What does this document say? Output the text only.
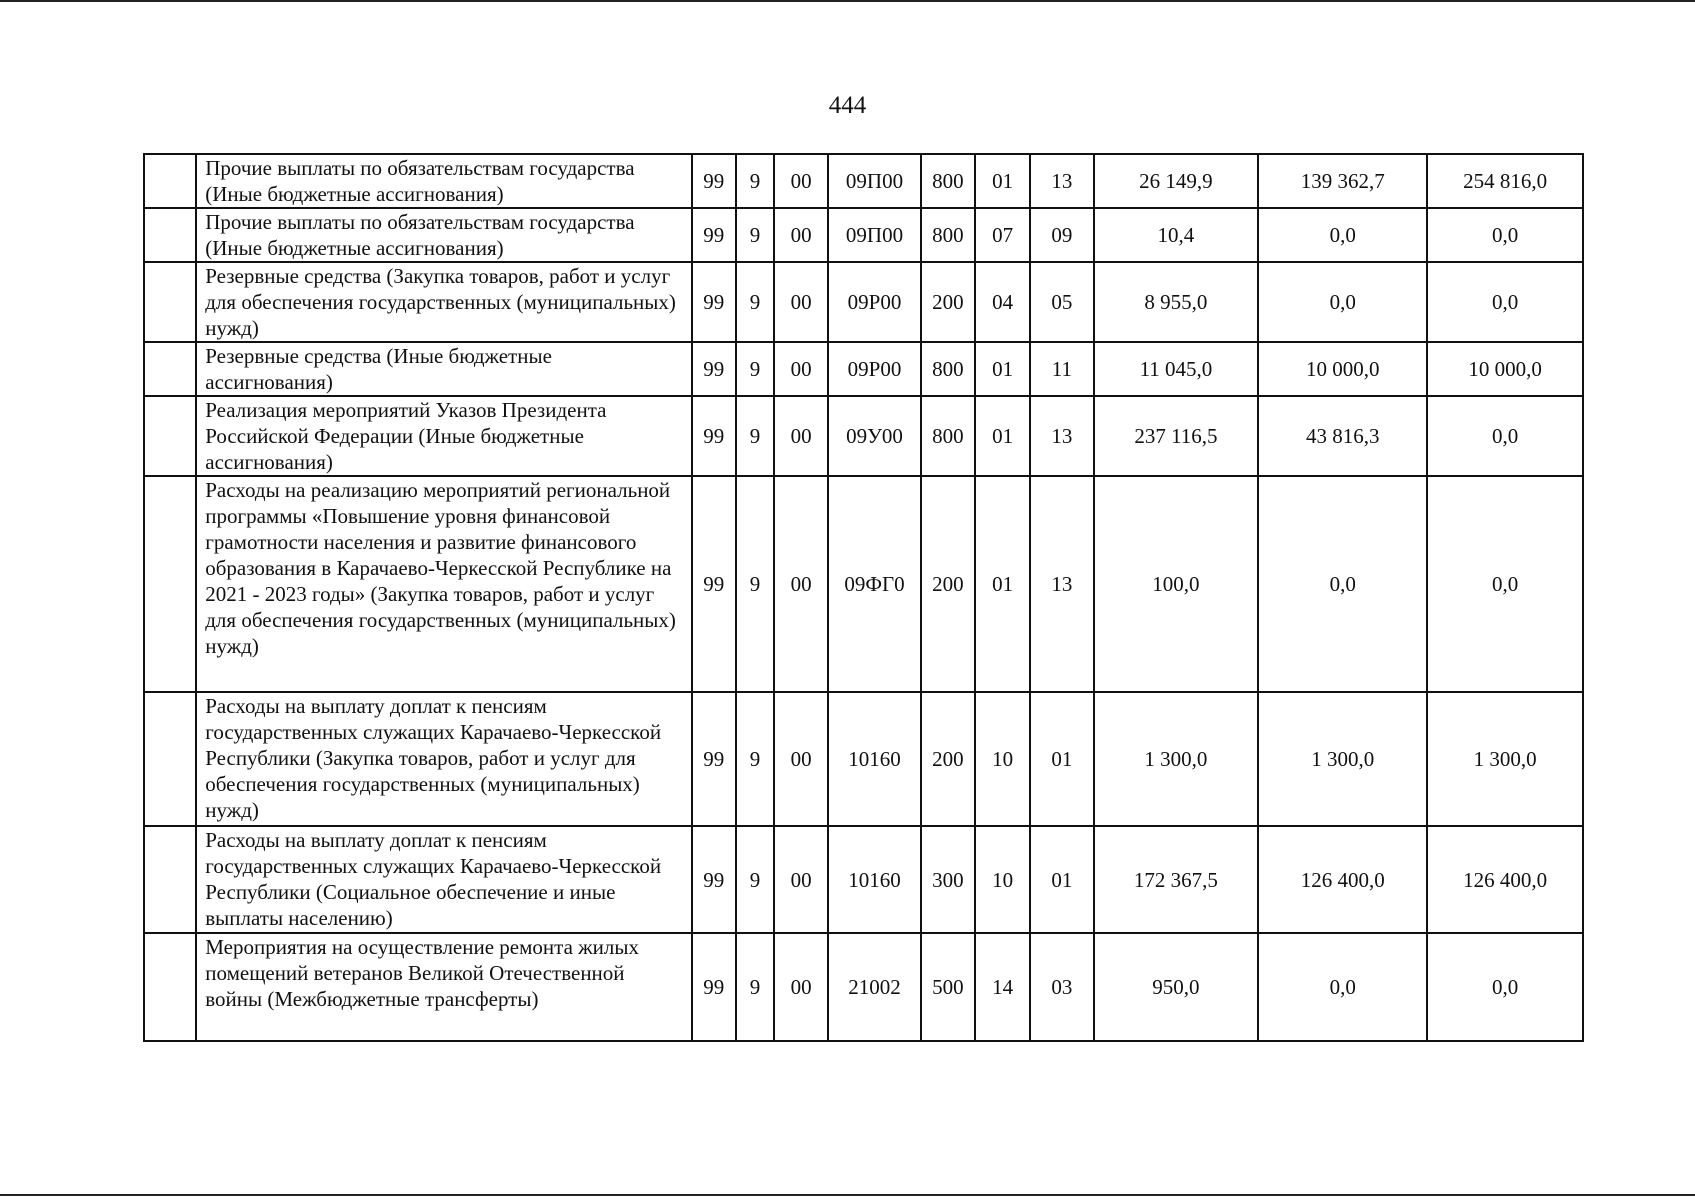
444
	Прочие выплаты по обязательствам государства (Иные бюджетные ассигнования)	99	9	00	09П00	800	01	13	26 149,9	139 362,7	254 816,0
	Прочие выплаты по обязательствам государства (Иные бюджетные ассигнования)	99	9	00	09П00	800	07	09	10,4	0,0	0,0
	Резервные средства (Закупка товаров, работ и услуг для обеспечения государственных (муниципальных) нужд)	99	9	00	09Р00	200	04	05	8 955,0	0,0	0,0
	Резервные средства (Иные бюджетные ассигнования)	99	9	00	09Р00	800	01	11	11 045,0	10 000,0	10 000,0
	Реализация мероприятий Указов Президента Российской Федерации (Иные бюджетные ассигнования)	99	9	00	09У00	800	01	13	237 116,5	43 816,3	0,0
	Расходы на реализацию мероприятий региональной программы «Повышение уровня финансовой грамотности населения и развитие финансового образования в Карачаево-Черкесской Республике на 2021 - 2023 годы» (Закупка товаров, работ и услуг для обеспечения государственных (муниципальных) нужд)	99	9	00	09ФГ0	200	01	13	100,0	0,0	0,0
	Расходы на выплату доплат к пенсиям государственных служащих Карачаево-Черкесской Республики (Закупка товаров, работ и услуг для обеспечения государственных (муниципальных) нужд)	99	9	00	10160	200	10	01	1 300,0	1 300,0	1 300,0
	Расходы на выплату доплат к пенсиям государственных служащих Карачаево-Черкесской Республики (Социальное обеспечение и иные выплаты населению)	99	9	00	10160	300	10	01	172 367,5	126 400,0	126 400,0
	Мероприятия на осуществление ремонта жилых помещений ветеранов Великой Отечественной войны (Межбюджетные трансферты)	99	9	00	21002	500	14	03	950,0	0,0	0,0
